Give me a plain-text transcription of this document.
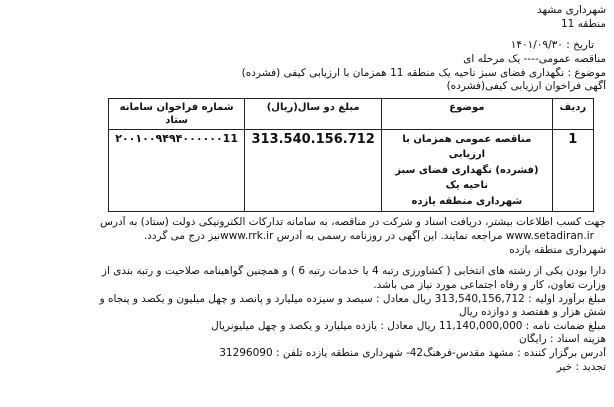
شهرداری مشهد
منطقه 11
تاریخ : ۱۴۰۱/۰۹/۳۰
مناقصه عمومی---- یک مرحله ای
موضوع : نگهداری فضای سبز ناحیه یک منطقه 11 همزمان با ارزیابی کیفی (فشرده)
آگهی فراخوان ارزیابی کیفی(فشرده)
ردیف	موضوع	مبلغ دو سال(ریال)	شماره فراخوان سامانه ستاد
1	مناقصه عمومی همزمان با ارزیابی
(فشرده) نگهداری فضای سبز ناحیه یک
شهرداری منطقه یازده	313.540.156.712	۲۰۰۱۰۰۹۴۹۴۰۰۰۰۰۰11
جهت کسب اطلاعات بیشتر، دریافت اسناد و شرکت در مناقصه، به سامانه تدارکات الکترونیکی دولت (ستاد) به آدرس
www.setadiran.ir مراجعه نمایند. این آگهی در روزنامه رسمی به آدرس www.rrk.irنیز درج می گردد.
شهرداری منطقه یازده
دارا بودن یکی از رشته های انتخابی ( کشاورزی رتبه 4 یا خدمات رتبه 6 ) و همچنین گواهینامه صلاحیت و رتبه بندی از
وزارت تعاون، کار و رفاه اجتماعی مورد نیاز می باشد.
مبلغ برآورد اولیه : 313,540,156,712 ریال معادل : سیصد و سیزده میلیارد و پانصد و چهل میلیون و یکصد و پنجاه و
شش هزار و هفتصد و دوازده ریال
مبلغ ضمانت نامه : 11,140,000,000 ریال معادل : یازده میلیارد و یکصد و چهل میلیونریال
هزینه اسناد : رایگان
آدرس برگزار کننده : مشهد مقدس-فرهنگ42- شهرداری منطقه یازده تلفن : 31296090
تجدید : خیر
